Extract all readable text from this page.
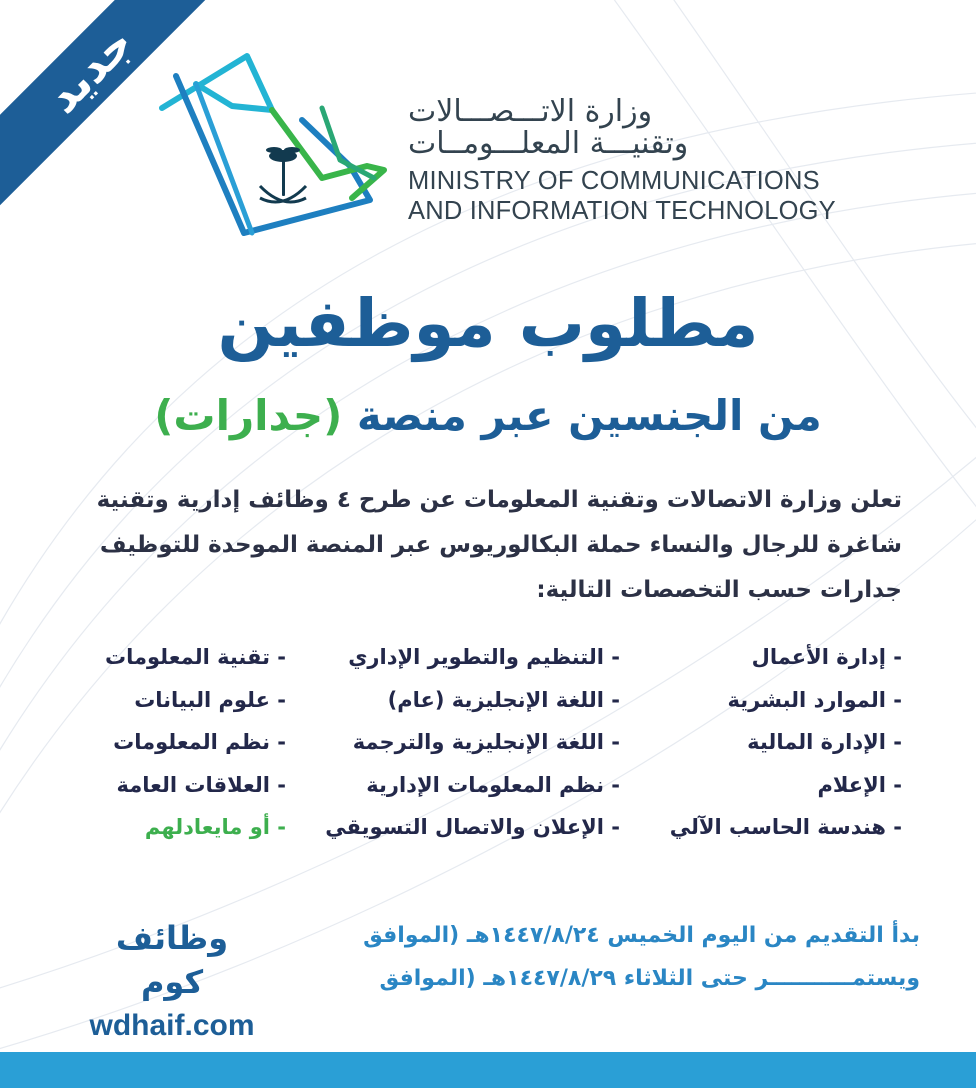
جديد	وزارة الاتـــصـــالات
وتقنيـــة المعلـــومــات
MINISTRY OF COMMUNICATIONS
AND INFORMATION TECHNOLOGY
مطلوب موظفين
من الجنسين عبر منصة (جدارات)
تعلن وزارة الاتصالات وتقنية المعلومات عن طرح ٤ وظائف إدارية وتقنية
شاغرة للرجال والنساء حملة البكالوريوس عبر المنصة الموحدة للتوظيف
جدارات حسب التخصصات التالية:
- إدارة الأعمال
- الموارد البشرية
- الإدارة المالية
- الإعلام
- هندسة الحاسب الآلي
- التنظيم والتطوير الإداري
- اللغة الإنجليزية (عام)
- اللغة الإنجليزية والترجمة
- نظم المعلومات الإدارية
- الإعلان والاتصال التسويقي
- تقنية المعلومات
- علوم البيانات
- نظم المعلومات
- العلاقات العامة
- أو مايعادلهم
وظائف كوم
wdhaif.com
بدأ التقديم من اليوم الخميس ١٤٤٧/٨/٢٤هـ (الموافق
ويستمـــــــــــر حتى الثلاثاء ١٤٤٧/٨/٢٩هـ (الموافق
